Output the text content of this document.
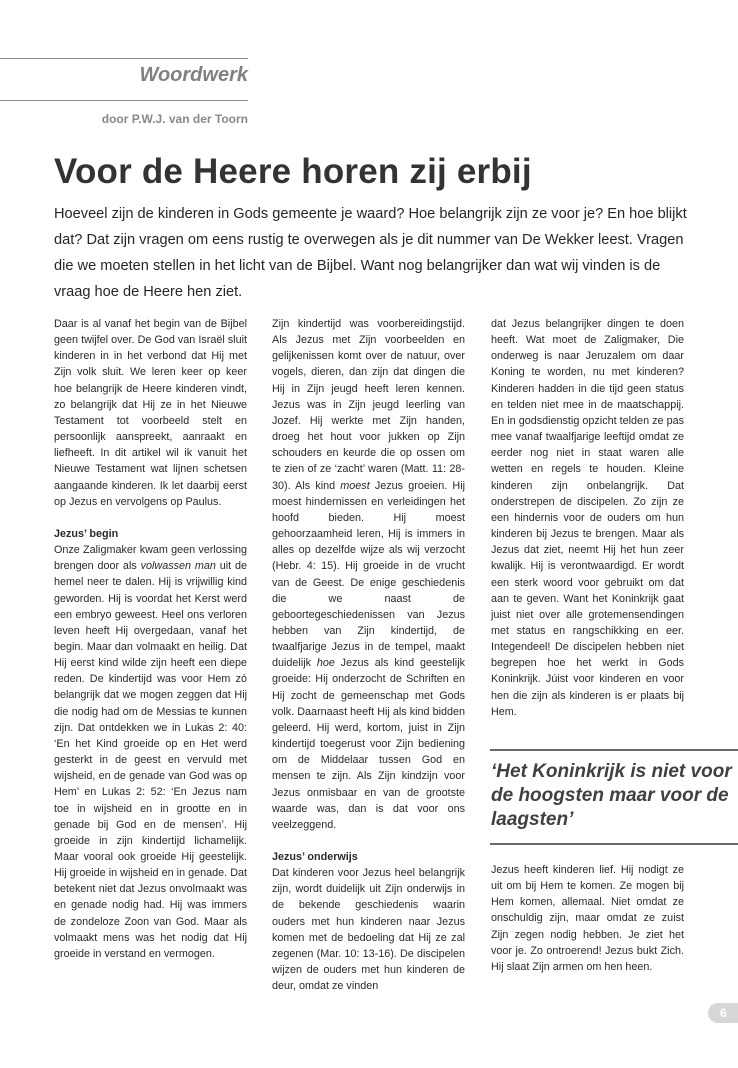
Woordwerk
door P.W.J. van der Toorn
Voor de Heere horen zij erbij

Hoeveel zijn de kinderen in Gods gemeente je waard? Hoe belangrijk zijn ze voor je? En hoe blijkt dat? Dat zijn vragen om eens rustig te overwegen als je dit nummer van De Wekker leest. Vragen die we moeten stellen in het licht van de Bijbel. Want nog belangrijker dan wat wij vinden is de vraag hoe de Heere hen ziet.

Daar is al vanaf het begin van de Bijbel geen twijfel over. De God van Israël sluit kinderen in in het verbond dat Hij met Zijn volk sluit. We leren keer op keer hoe belangrijk de Heere kinderen vindt, zo belangrijk dat Hij ze in het Nieuwe Testament tot voorbeeld stelt en persoonlijk aanspreekt, aanraakt en liefheeft. In dit artikel wil ik vanuit het Nieuwe Testament wat lijnen schetsen aangaande kinderen. Ik let daarbij eerst op Jezus en vervolgens op Paulus.

Jezus’ begin

Onze Zaligmaker kwam geen verlossing brengen door als volwassen man uit de hemel neer te dalen. Hij is vrijwillig kind geworden. Hij is voordat het Kerst werd een embryo geweest. Heel ons verloren leven heeft Hij overgedaan, vanaf het begin. Maar dan volmaakt en heilig. Dat Hij eerst kind wilde zijn heeft een diepe reden. De kindertijd was voor Hem zó belangrijk dat we mogen zeggen dat Hij die nodig had om de Messias te kunnen zijn. Dat ontdekken we in Lukas 2: 40: ‘En het Kind groeide op en Het werd gesterkt in de geest en vervuld met wijsheid, en de genade van God was op Hem’ en Lukas 2: 52: ‘En Jezus nam toe in wijsheid en in grootte en in genade bij God en de mensen’. Hij groeide in zijn kindertijd lichamelijk. Maar vooral ook groeide Hij geestelijk. Hij groeide in wijsheid en in genade. Dat betekent niet dat Jezus onvolmaakt was en genade nodig had. Hij was immers de zondeloze Zoon van God. Maar als volmaakt mens was het nodig dat Hij groeide in verstand en vermogen.

Zijn kindertijd was voorbereidingstijd. Als Jezus met Zijn voorbeelden en gelijkenissen komt over de natuur, over vogels, dieren, dan zijn dat dingen die Hij in Zijn jeugd heeft leren kennen. Jezus was in Zijn jeugd leerling van Jozef. Hij werkte met Zijn handen, droeg het hout voor jukken op Zijn schouders en keurde die op ossen om te zien of ze ‘zacht’ waren (Matt. 11: 28-30). Als kind moest Jezus groeien. Hij moest hindernissen en verleidingen het hoofd bieden. Hij moest gehoorzaamheid leren, Hij is immers in alles op dezelfde wijze als wij verzocht (Hebr. 4: 15). Hij groeide in de vrucht van de Geest. De enige geschiedenis die we naast de geboortegeschiedenissen van Jezus hebben van Zijn kindertijd, de twaalfjarige Jezus in de tempel, maakt duidelijk hoe Jezus als kind geestelijk groeide: Hij onderzocht de Schriften en Hij zocht de gemeenschap met Gods volk. Daarnaast heeft Hij als kind bidden geleerd. Hij werd, kortom, juist in Zijn kindertijd toegerust voor Zijn bediening om de Middelaar tussen God en mensen te zijn. Als Zijn kindzijn voor Jezus onmisbaar en van de grootste waarde was, dan is dat voor ons veelzeggend.

Jezus’ onderwijs

Dat kinderen voor Jezus heel belangrijk zijn, wordt duidelijk uit Zijn onderwijs in de bekende geschiedenis waarin ouders met hun kinderen naar Jezus komen met de bedoeling dat Hij ze zal zegenen (Mar. 10: 13-16). De discipelen wijzen de ouders met hun kinderen de deur, omdat ze vinden

dat Jezus belangrijker dingen te doen heeft. Wat moet de Zaligmaker, Die onderweg is naar Jeruzalem om daar Koning te worden, nu met kinderen? Kinderen hadden in die tijd geen status en telden niet mee in de maatschappij. En in godsdienstig opzicht telden ze pas mee vanaf twaalfjarige leeftijd omdat ze eerder nog niet in staat waren alle wetten en regels te houden. Kleine kinderen zijn onbelangrijk. Dat onderstrepen de discipelen. Zo zijn ze een hindernis voor de ouders om hun kinderen bij Jezus te brengen. Maar als Jezus dat ziet, neemt Hij het hun zeer kwalijk. Hij is verontwaardigd. Er wordt een sterk woord voor gebruikt om dat aan te geven. Want het Koninkrijk gaat juist niet over alle grotemensendingen met status en rangschikking en eer. Integendeel! De discipelen hebben niet begrepen hoe het werkt in Gods Koninkrijk. Júist voor kinderen en voor hen die zijn als kinderen is er plaats bij Hem.

‘Het Koninkrijk is niet voor de hoogsten maar voor de laagsten’

Jezus heeft kinderen lief. Hij nodigt ze uit om bij Hem te komen. Ze mogen bij Hem komen, allemaal. Niet omdat ze onschuldig zijn, maar omdat ze zuist Zijn zegen nodig hebben. Je ziet het voor je. Zo ontroerend! Jezus bukt Zich. Hij slaat Zijn armen om hen heen.

6
